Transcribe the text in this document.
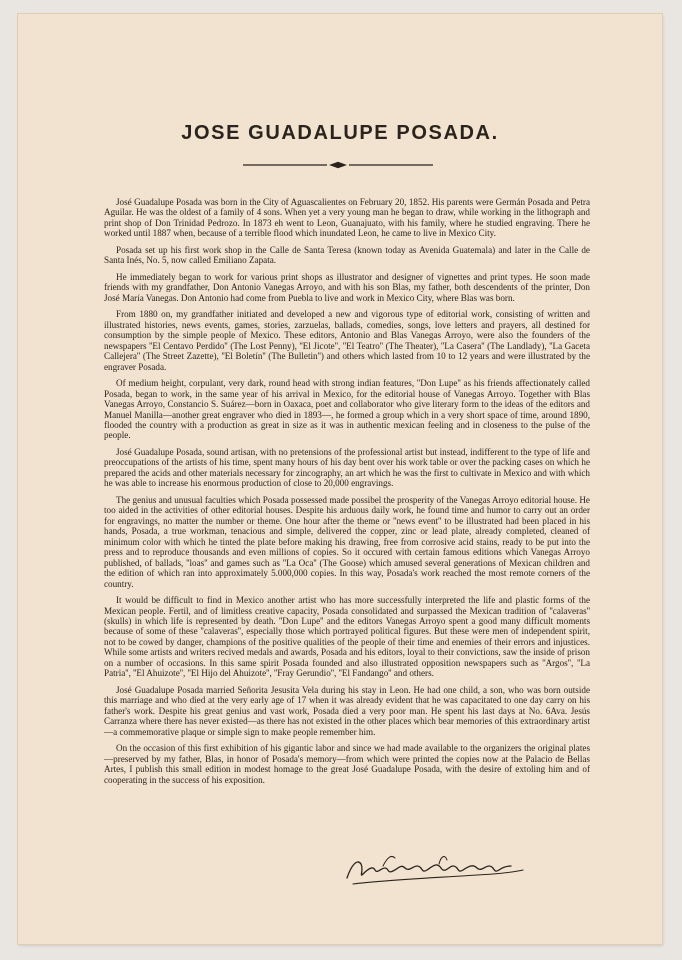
JOSE GUADALUPE POSADA.

José Guadalupe Posada was born in the City of Aguascalientes on February 20, 1852. His parents were Germán Posada and Petra Aguilar. He was the oldest of a family of 4 sons. When yet a very young man he began to draw, while working in the lithograph and print shop of Don Trinidad Pedrozo. In 1873 eh went to Leon, Guanajuato, with his family, where he studied engraving. There he worked until 1887 when, because of a terrible flood which inundated Leon, he came to live in Mexico City.

Posada set up his first work shop in the Calle de Santa Teresa (known today as Avenida Guatemala) and later in the Calle de Santa Inés, No. 5, now called Emiliano Zapata.

He immediately began to work for various print shops as illustrator and designer of vignettes and print types. He soon made friends with my grandfather, Don Antonio Vanegas Arroyo, and with his son Blas, my father, both descendents of the printer, Don José María Vanegas. Don Antonio had come from Puebla to live and work in Mexico City, where Blas was born.

From 1880 on, my grandfather initiated and developed a new and vigorous type of editorial work, consisting of written and illustrated histories, news events, games, stories, zarzuelas, ballads, comedies, songs, love letters and prayers, all destined for consumption by the simple people of Mexico. These editors, Antonio and Blas Vanegas Arroyo, were also the founders of the newspapers ''El Centavo Perdido'' (The Lost Penny), ''El Jicote'', ''El Teatro'' (The Theater), ''La Casera'' (The Landlady), ''La Gaceta Callejera'' (The Street Zazette), ''El Boletín'' (The Bulletin'') and others which lasted from 10 to 12 years and were illustrated by the engraver Posada.

Of medium height, corpulant, very dark, round head with strong indian features, ''Don Lupe'' as his friends affectionately called Posada, began to work, in the same year of his arrival in Mexico, for the editorial house of Vanegas Arroyo. Together with Blas Vanegas Arroyo, Constancio S. Suárez—born in Oaxaca, poet and collaborator who give literary form to the ideas of the editors and Manuel Manilla—another great engraver who died in 1893—, he formed a group which in a very short space of time, around 1890, flooded the country with a production as great in size as it was in authentic mexican feeling and in closeness to the pulse of the people.

José Guadalupe Posada, sound artisan, with no pretensions of the professional artist but instead, indifferent to the type of life and preoccupations of the artists of his time, spent many hours of his day bent over his work table or over the packing cases on which he prepared the acids and other materials necessary for zincography, an art which he was the first to cultivate in Mexico and with which he was able to increase his enormous production of close to 20,000 engravings.

The genius and unusual faculties which Posada possessed made possibel the prosperity of the Vanegas Arroyo editorial house. He too aided in the activities of other editorial houses. Despite his arduous daily work, he found time and humor to carry out an order for engravings, no matter the number or theme. One hour after the theme or ''news event'' to be illustrated had been placed in his hands, Posada, a true workman, tenacious and simple, delivered the copper, zinc or lead plate, already completed, cleaned of minimum color with which he tinted the plate before making his drawing, free from corrosive acid stains, ready to be put into the press and to reproduce thousands and even millions of copies. So it occured with certain famous editions which Vanegas Arroyo published, of ballads, ''loas'' and games such as ''La Oca'' (The Goose) which amused several generations of Mexican children and the edition of which ran into approximately 5.000,000 copies. In this way, Posada's work reached the most remote corners of the country.

It would be difficult to find in Mexico another artist who has more successfully interpreted the life and plastic forms of the Mexican people. Fertil, and of limitless creative capacity, Posada consolidated and surpassed the Mexican tradition of ''calaveras'' (skulls) in which life is represented by death. ''Don Lupe'' and the editors Vanegas Arroyo spent a good many difficult moments because of some of these ''calaveras'', especially those which portrayed political figures. But these were men of independent spirit, not to be cowed by danger, champions of the positive qualities of the people of their time and enemies of their errors and injustices. While some artists and writers recived medals and awards, Posada and his editors, loyal to their convictions, saw the inside of prison on a number of occasions. In this same spirit Posada founded and also illustrated opposition newspapers such as ''Argos'', ''La Patria'', ''El Ahuizote'', ''El Hijo del Ahuizote'', ''Fray Gerundio'', ''El Fandango'' and others.

José Guadalupe Posada married Señorita Jesusita Vela during his stay in Leon. He had one child, a son, who was born outside this marriage and who died at the very early age of 17 when it was already evident that he was capacitated to one day carry on his father's work. Despite his great genius and vast work, Posada died a very poor man. He spent his last days at No. 6Ava. Jesús Carranza where there has never existed—as there has not existed in the other places which bear memories of this extraordinary artist—a commemorative plaque or simple sign to make people remember him.

On the occasion of this first exhibition of his gigantic labor and since we had made available to the organizers the original plates—preserved by my father, Blas, in honor of Posada's memory—from which were printed the copies now at the Palacio de Bellas Artes, I publish this small edition in modest homage to the great José Guadalupe Posada, with the desire of extoling him and of cooperating in the success of his exposition.
